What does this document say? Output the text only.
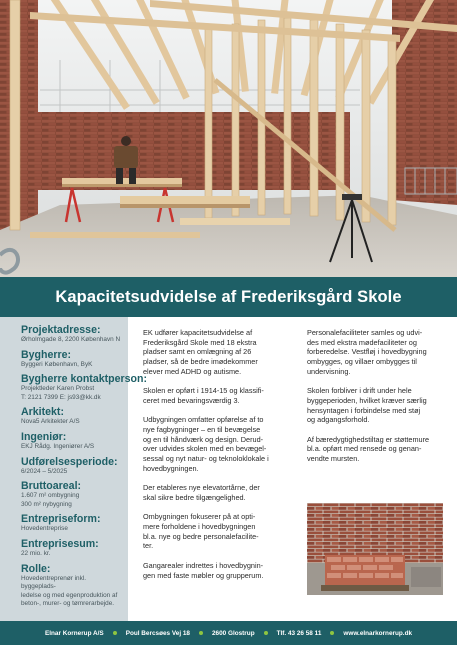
Kapacitetsudvidelse af Frederiksgård Skole
Projektadresse:
Ørholmgade 8, 2200 København N
Bygherre:
Byggeri København, ByK
Bygherre kontaktperson:
Projektleder Karen Probst
T: 2121 7399 E: js93@kk.dk
Arkitekt:
Nova5 Arkitekter A/S
Ingeniør:
EKJ Rådg. Ingeniører A/S
Udførelsesperiode:
6/2024 – 5/2025
Bruttoareal:
1.607 m² ombygning
300 m² nybygning
Entrepriseform:
Hovedentreprise
Entreprisesum:
22 mio. kr.
Rolle:
Hovedentreprenør inkl. byggeplads-
ledelse og med egenproduktion af
beton-, murer- og tømrerarbejde.

EK udfører kapacitetsudvidelse af
Frederiksgård Skole med 18 ekstra
pladser samt en omlægning af 26
pladser, så de bedre imødekommer
elever med ADHD og autisme.

Skolen er opført i 1914-15 og klassifi-
ceret med bevaringsværdig 3.

Udbygningen omfatter opførelse af to
nye fagbygninger – en til bevægelse
og en til håndværk og design. Derud-
over udvides skolen med en bevægel-
sessal og nyt natur- og teknoloklokale i
hovedbygningen.

Der etableres nye elevatortårne, der
skal sikre bedre tilgængelighed.

Ombygningen fokuserer på at opti-
mere forholdene i hovedbygningen
bl.a. nye og bedre personalefacilite-
ter.

Gangarealer indrettes i hovedbygnin-
gen med faste møbler og grupperum.

Personalefaciliteter samles og udvi-
des med ekstra mødefaciliteter og
forberedelse. Vestfløj i hovedbygning
ombygges, og villaer ombygges til
undervisning.

Skolen forbliver i drift under hele
byggeperioden, hvilket kræver særlig
hensyntagen i forbindelse med støj
og adgangsforhold.

Af bæredygtighedstiltag er støttemure
bl.a. opført med rensede og genan-
vendte mursten.

Elnar Kornerup A/S	Poul Bercsøes Vej 18	2600 Glostrup	Tlf. 43 26 58 11	www.elnarkornerup.dk
